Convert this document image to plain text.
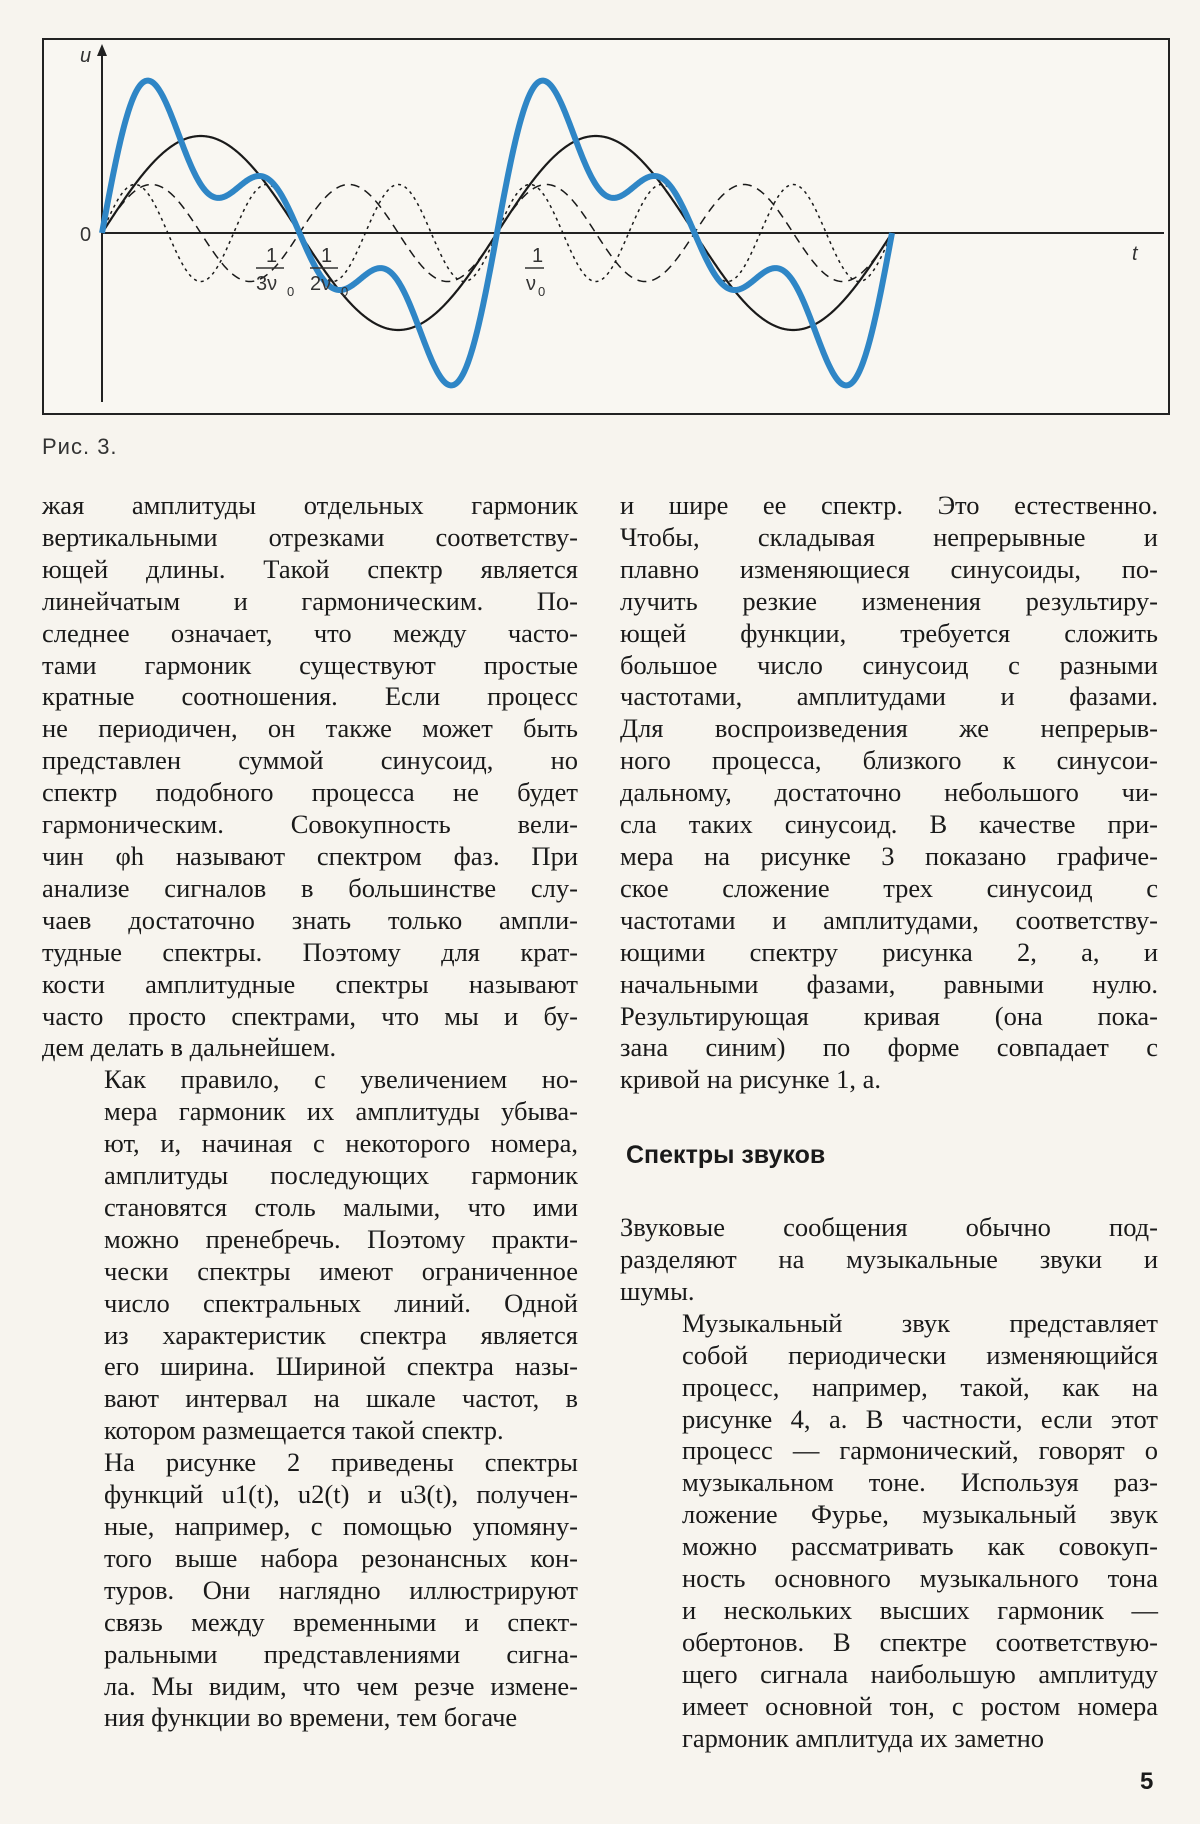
u
t
0
1
3ν 0
1
2ν 0
1
ν 0
Рис. 3.

жая амплитуды отдельных гармоник
вертикальными отрезками соответству-
ющей длины. Такой спектр является
линейчатым и гармоническим. По-
следнее означает, что между часто-
тами гармоник существуют простые
кратные соотношения. Если процесс
не периодичен, он также может быть
представлен суммой синусоид, но
спектр подобного процесса не будет
гармоническим. Совокупность вели-
чин φh называют спектром фаз. При
анализе сигналов в большинстве слу-
чаев достаточно знать только ампли-
тудные спектры. Поэтому для крат-
кости амплитудные спектры называют
часто просто спектрами, что мы и бу-
дем делать в дальнейшем.

Как правило, с увеличением но-
мера гармоник их амплитуды убыва-
ют, и, начиная с некоторого номера,
амплитуды последующих гармоник
становятся столь малыми, что ими
можно пренебречь. Поэтому практи-
чески спектры имеют ограниченное
число спектральных линий. Одной
из характеристик спектра является
его ширина. Шириной спектра назы-
вают интервал на шкале частот, в
котором размещается такой спектр.

На рисунке 2 приведены спектры
функций u1(t), u2(t) и u3(t), получен-
ные, например, с помощью упомяну-
того выше набора резонансных кон-
туров. Они наглядно иллюстрируют
связь между временными и спект-
ральными представлениями сигна-
ла. Мы видим, что чем резче измене-
ния функции во времени, тем богаче

и шире ее спектр. Это естественно.
Чтобы, складывая непрерывные и
плавно изменяющиеся синусоиды, по-
лучить резкие изменения результиру-
ющей функции, требуется сложить
большое число синусоид с разными
частотами, амплитудами и фазами.
Для воспроизведения же непрерыв-
ного процесса, близкого к синусои-
дальному, достаточно небольшого чи-
сла таких синусоид. В качестве при-
мера на рисунке 3 показано графиче-
ское сложение трех синусоид с
частотами и амплитудами, соответству-
ющими спектру рисунка 2, а, и
начальными фазами, равными нулю.
Результирующая кривая (она пока-
зана синим) по форме совпадает с
кривой на рисунке 1, а.

Спектры звуков

Звуковые сообщения обычно под-
разделяют на музыкальные звуки и
шумы.

Музыкальный звук представляет
собой периодически изменяющийся
процесс, например, такой, как на
рисунке 4, а. В частности, если этот
процесс — гармонический, говорят о
музыкальном тоне. Используя раз-
ложение Фурье, музыкальный звук
можно рассматривать как совокуп-
ность основного музыкального тона
и нескольких высших гармоник —
обертонов. В спектре соответствую-
щего сигнала наибольшую амплитуду
имеет основной тон, с ростом номера
гармоник амплитуда их заметно

5
